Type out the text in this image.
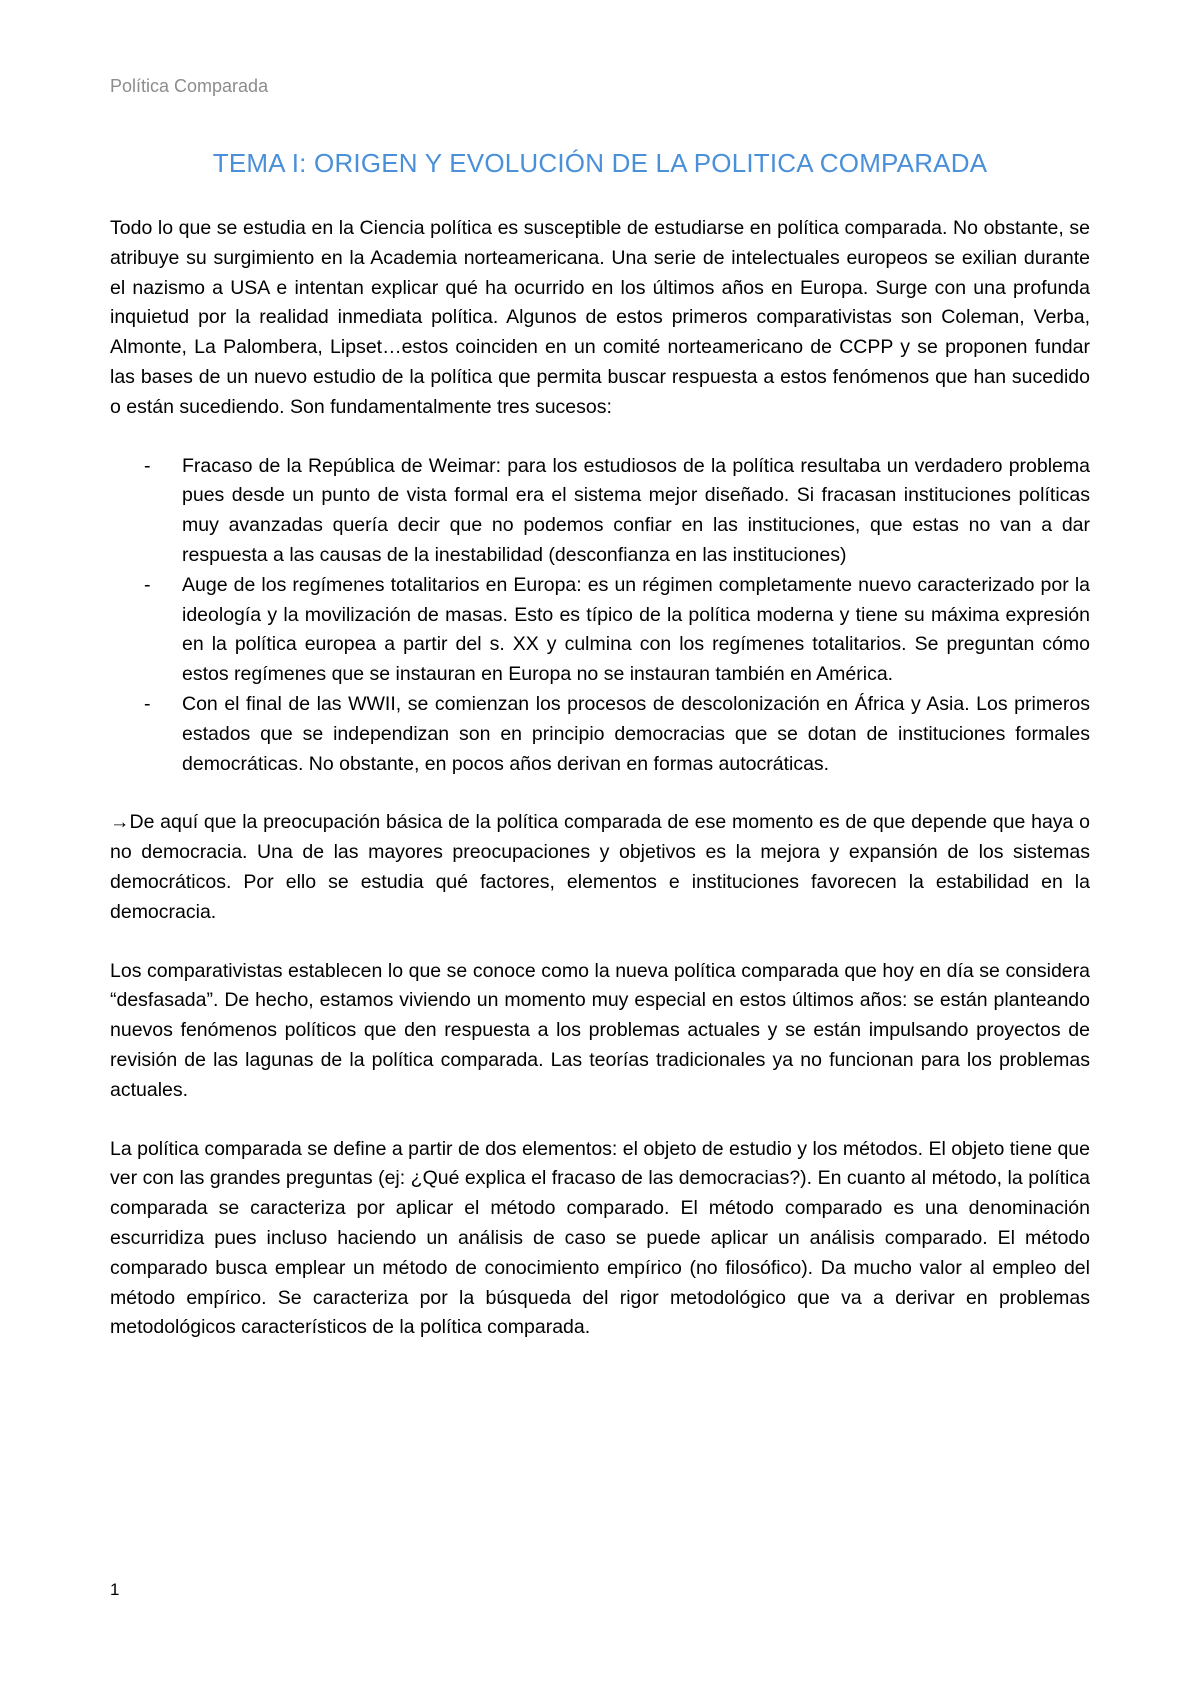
Política Comparada
TEMA I: ORIGEN Y EVOLUCIÓN DE LA POLITICA COMPARADA

Todo lo que se estudia en la Ciencia política es susceptible de estudiarse en política comparada. No obstante, se atribuye su surgimiento en la Academia norteamericana. Una serie de intelectuales europeos se exilian durante el nazismo a USA e intentan explicar qué ha ocurrido en los últimos años en Europa. Surge con una profunda inquietud por la realidad inmediata política. Algunos de estos primeros comparativistas son Coleman, Verba, Almonte, La Palombera, Lipset…estos coinciden en un comité norteamericano de CCPP y se proponen fundar las bases de un nuevo estudio de la política que permita buscar respuesta a estos fenómenos que han sucedido o están sucediendo. Son fundamentalmente tres sucesos:

- Fracaso de la República de Weimar: para los estudiosos de la política resultaba un verdadero problema pues desde un punto de vista formal era el sistema mejor diseñado. Si fracasan instituciones políticas muy avanzadas quería decir que no podemos confiar en las instituciones, que estas no van a dar respuesta a las causas de la inestabilidad (desconfianza en las instituciones)
- Auge de los regímenes totalitarios en Europa: es un régimen completamente nuevo caracterizado por la ideología y la movilización de masas. Esto es típico de la política moderna y tiene su máxima expresión en la política europea a partir del s. XX y culmina con los regímenes totalitarios. Se preguntan cómo estos regímenes que se instauran en Europa no se instauran también en América.
- Con el final de las WWII, se comienzan los procesos de descolonización en África y Asia. Los primeros estados que se independizan son en principio democracias que se dotan de instituciones formales democráticas. No obstante, en pocos años derivan en formas autocráticas.

→De aquí que la preocupación básica de la política comparada de ese momento es de que depende que haya o no democracia. Una de las mayores preocupaciones y objetivos es la mejora y expansión de los sistemas democráticos. Por ello se estudia qué factores, elementos e instituciones favorecen la estabilidad en la democracia.

Los comparativistas establecen lo que se conoce como la nueva política comparada que hoy en día se considera “desfasada”. De hecho, estamos viviendo un momento muy especial en estos últimos años: se están planteando nuevos fenómenos políticos que den respuesta a los problemas actuales y se están impulsando proyectos de revisión de las lagunas de la política comparada. Las teorías tradicionales ya no funcionan para los problemas actuales.

La política comparada se define a partir de dos elementos: el objeto de estudio y los métodos. El objeto tiene que ver con las grandes preguntas (ej: ¿Qué explica el fracaso de las democracias?). En cuanto al método, la política comparada se caracteriza por aplicar el método comparado. El método comparado es una denominación escurridiza pues incluso haciendo un análisis de caso se puede aplicar un análisis comparado. El método comparado busca emplear un método de conocimiento empírico (no filosófico). Da mucho valor al empleo del método empírico. Se caracteriza por la búsqueda del rigor metodológico que va a derivar en problemas metodológicos característicos de la política comparada.

1
